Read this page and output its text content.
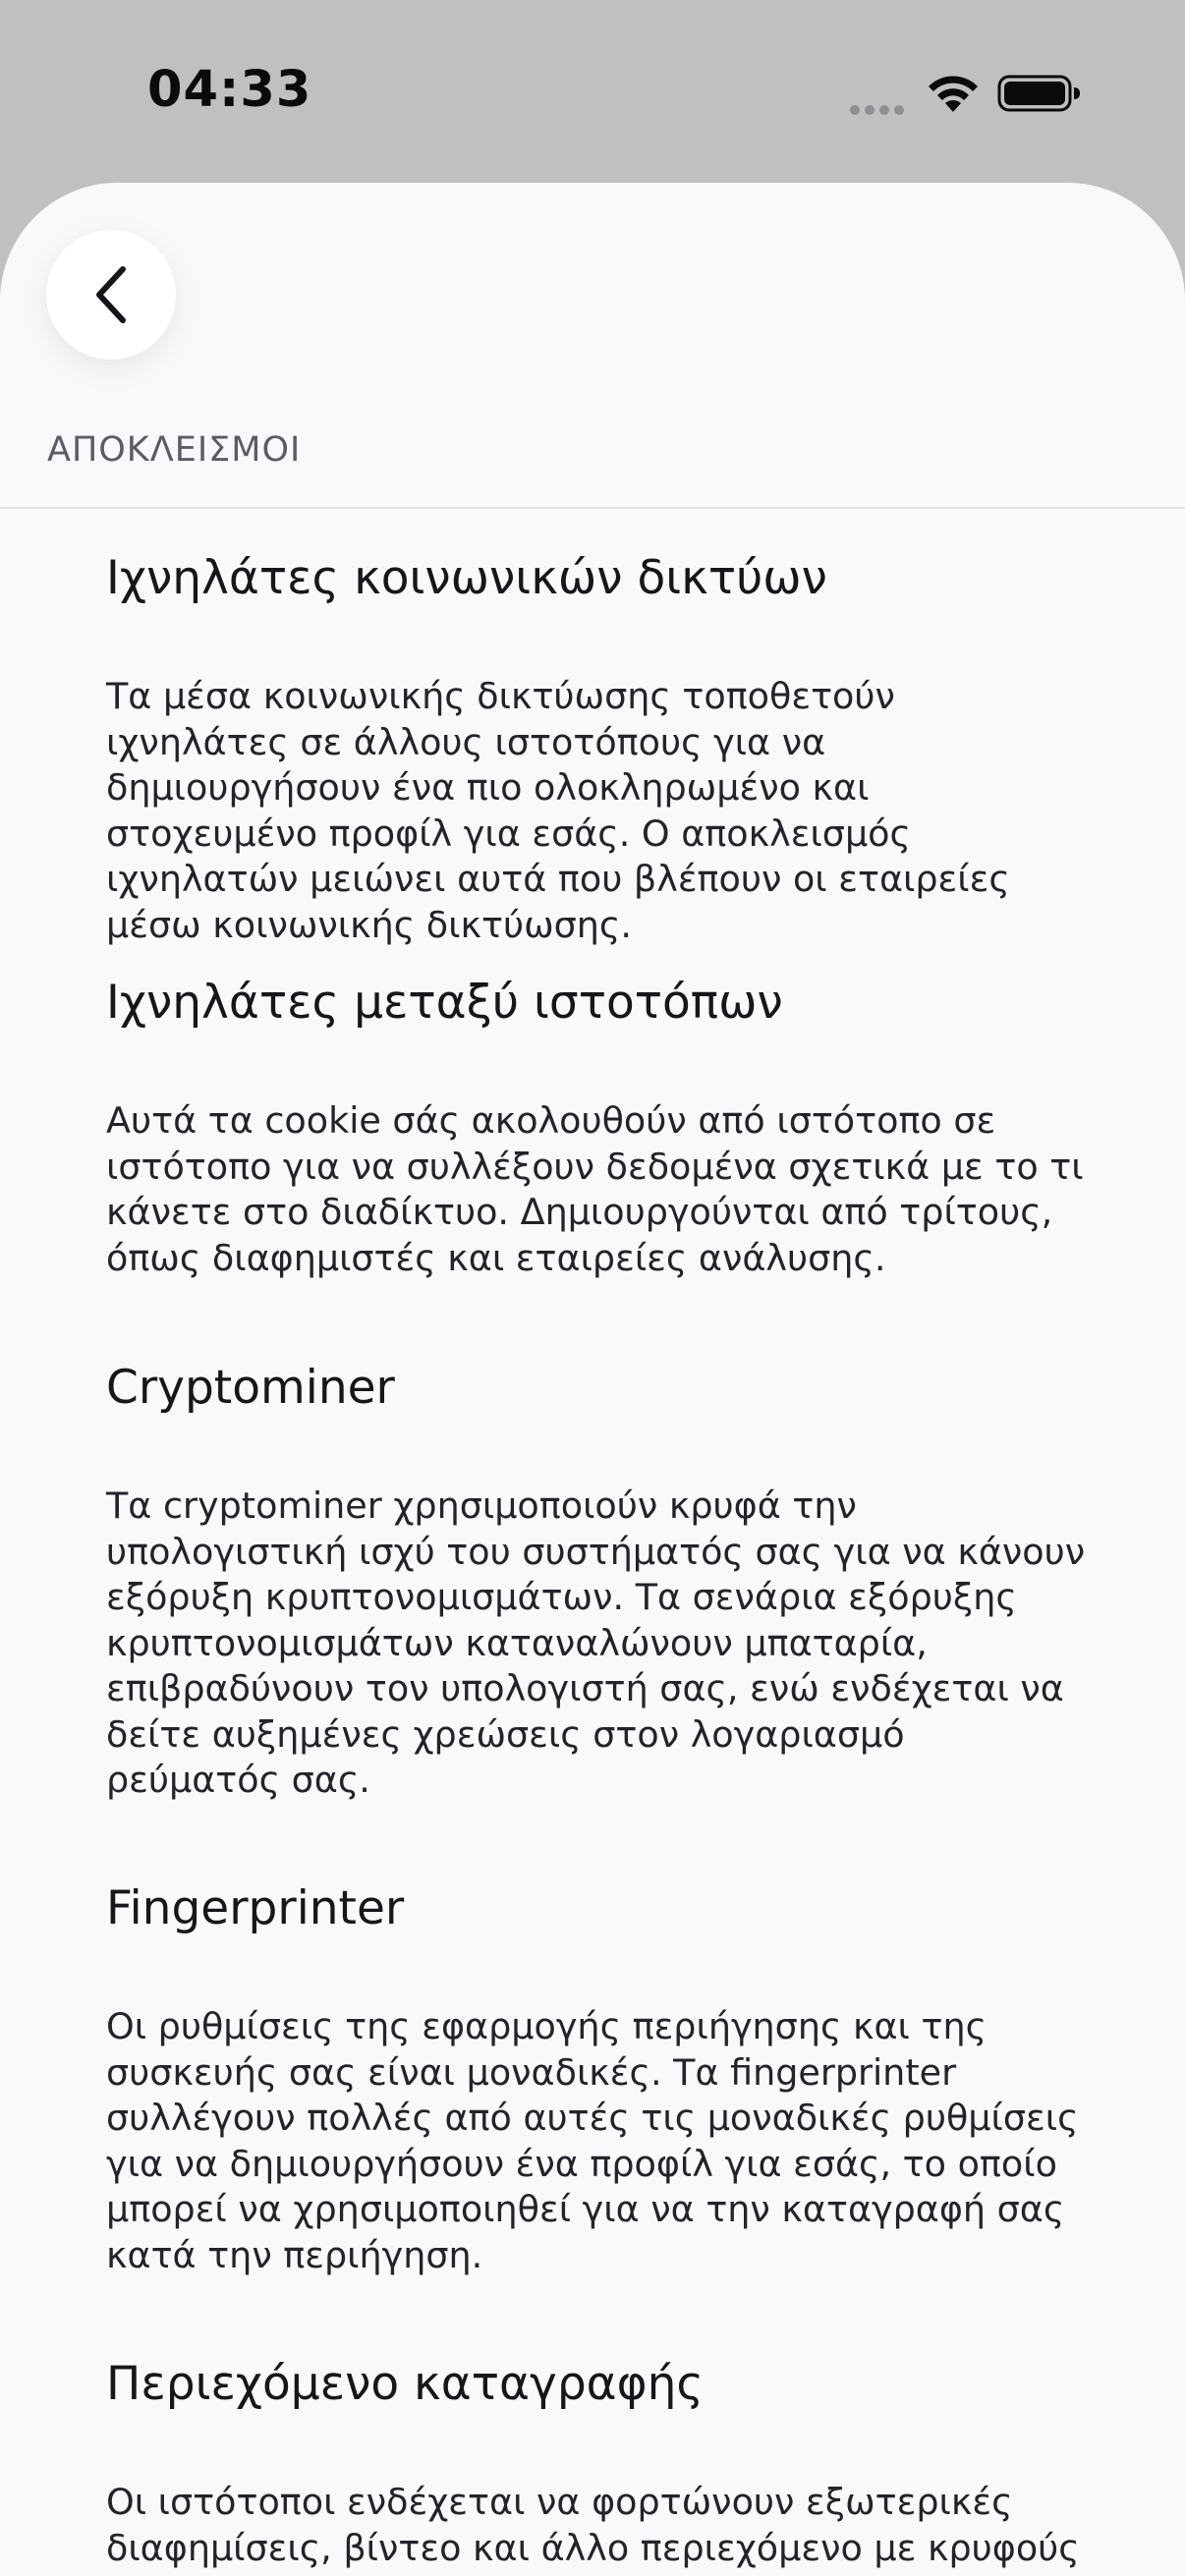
04:33
ΑΠΟΚΛΕΙΣΜΟΙ

Ιχνηλάτες κοινωνικών δικτύων

Τα μέσα κοινωνικής δικτύωσης τοποθετούν ιχνηλάτες σε άλλους ιστοτόπους για να δημιουργήσουν ένα πιο ολοκληρωμένο και στοχευμένο προφίλ για εσάς. Ο αποκλεισμός ιχνηλατών μειώνει αυτά που βλέπουν οι εταιρείες μέσω κοινωνικής δικτύωσης.

Ιχνηλάτες μεταξύ ιστοτόπων

Αυτά τα cookie σάς ακολουθούν από ιστότοπο σε ιστότοπο για να συλλέξουν δεδομένα σχετικά με το τι κάνετε στο διαδίκτυο. Δημιουργούνται από τρίτους, όπως διαφημιστές και εταιρείες ανάλυσης.

Cryptominer

Τα cryptominer χρησιμοποιούν κρυφά την υπολογιστική ισχύ του συστήματός σας για να κάνουν εξόρυξη κρυπτονομισμάτων. Τα σενάρια εξόρυξης κρυπτονομισμάτων καταναλώνουν μπαταρία, επιβραδύνουν τον υπολογιστή σας, ενώ ενδέχεται να δείτε αυξημένες χρεώσεις στον λογαριασμό ρεύματός σας.

Fingerprinter

Οι ρυθμίσεις της εφαρμογής περιήγησης και της συσκευής σας είναι μοναδικές. Τα fingerprinter συλλέγουν πολλές από αυτές τις μοναδικές ρυθμίσεις για να δημιουργήσουν ένα προφίλ για εσάς, το οποίο μπορεί να χρησιμοποιηθεί για να την καταγραφή σας κατά την περιήγηση.

Περιεχόμενο καταγραφής

Οι ιστότοποι ενδέχεται να φορτώνουν εξωτερικές διαφημίσεις, βίντεο και άλλο περιεχόμενο με κρυφούς
